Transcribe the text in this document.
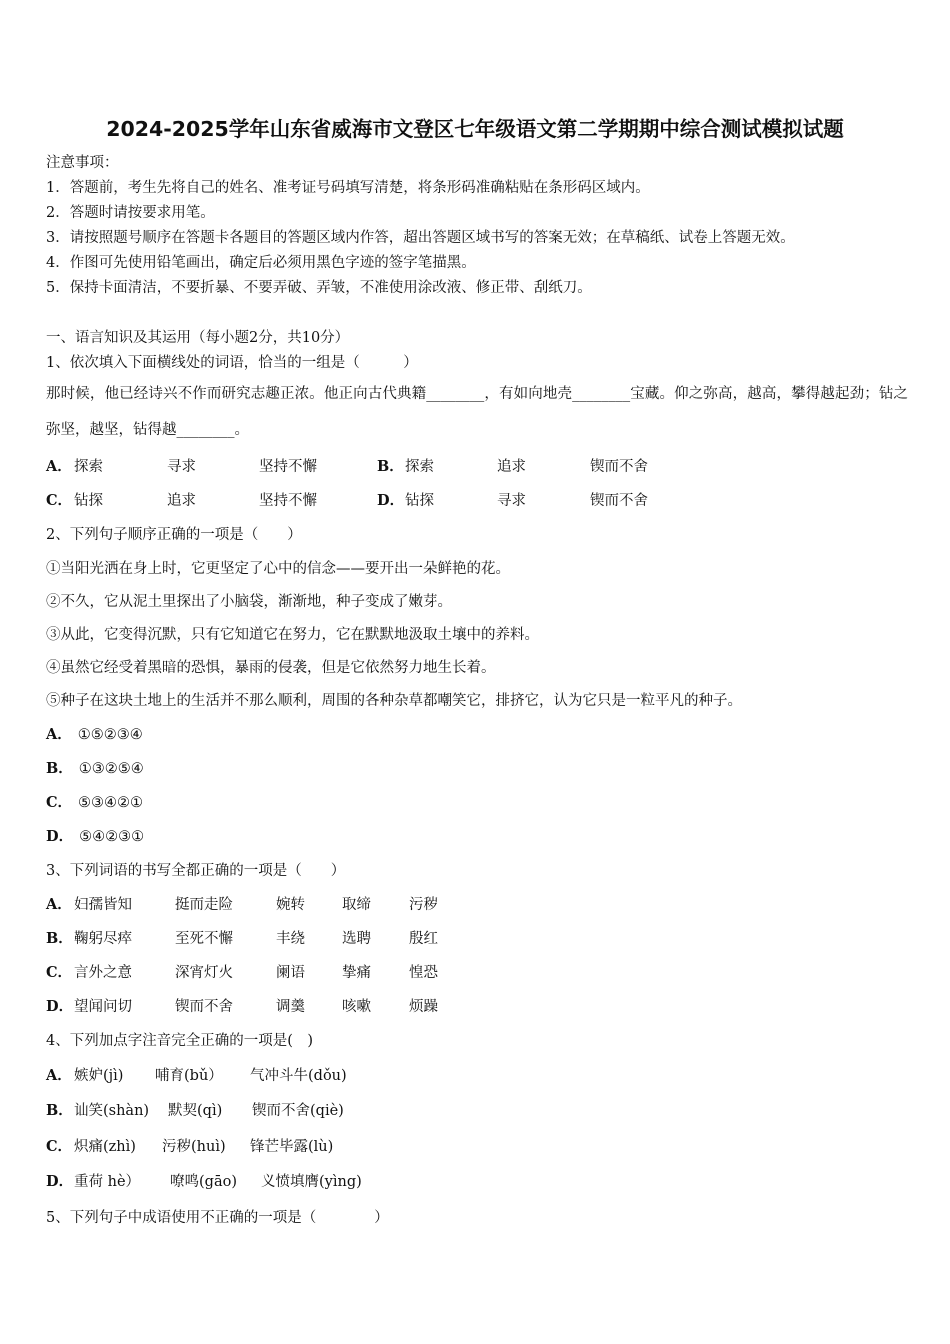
2024-2025学年山东省威海市文登区七年级语文第二学期期中综合测试模拟试题
注意事项：
1．答题前，考生先将自己的姓名、准考证号码填写清楚，将条形码准确粘贴在条形码区域内。
2．答题时请按要求用笔。
3．请按照题号顺序在答题卡各题目的答题区域内作答，超出答题区域书写的答案无效；在草稿纸、试卷上答题无效。
4．作图可先使用铅笔画出，确定后必须用黑色字迹的签字笔描黑。
5．保持卡面清洁，不要折暴、不要弄破、弄皱，不准使用涂改液、修正带、刮纸刀。
一、语言知识及其运用（每小题2分，共10分）
1、依次填入下面横线处的词语，恰当的一组是（　　　）
那时候，他已经诗兴不作而研究志趣正浓。他正向古代典籍________，有如向地壳________宝藏。仰之弥高，越高，攀得越起劲；钻之弥坚，越坚，钻得越________。
A． 探索	寻求	坚持不懈	B． 探索	追求	锲而不舍
C． 钻探	追求	坚持不懈	D． 钻探	寻求	锲而不舍
2、下列句子顺序正确的一项是（　　）
①当阳光洒在身上时，它更坚定了心中的信念——要开出一朵鲜艳的花。
②不久，它从泥土里探出了小脑袋，渐渐地，种子变成了嫩芽。
③从此，它变得沉默，只有它知道它在努力，它在默默地汲取土壤中的养料。
④虽然它经受着黑暗的恐惧，暴雨的侵袭，但是它依然努力地生长着。
⑤种子在这块土地上的生活并不那么顺利，周围的各种杂草都嘲笑它，排挤它，认为它只是一粒平凡的种子。
A． ①⑤②③④
B． ①③②⑤④
C． ⑤③④②①
D． ⑤④②③①
3、下列词语的书写全都正确的一项是（　　）
A． 妇孺皆知	挺而走险	婉转	取缔	污秽
B． 鞠躬尽瘁	至死不懈	丰绕	选聘	殷红
C． 言外之意	深宵灯火	阑语	挚痛	惶恐
D． 望闻问切	锲而不舍	调羹	咳嗽	烦躁
4、下列加点字注音完全正确的一项是(　)
A． 嫉妒(jì) 哺育(bǔ） 气冲斗牛(dǒu)
B． 讪笑(shàn) 默契(qì) 锲而不舍(qiè)
C． 炽痛(zhì) 污秽(huì) 锋芒毕露(lù)
D． 重荷 hè） 嘹鸣(gāo) 义愤填膺(yìng)
5、下列句子中成语使用不正确的一项是（　　　　）
